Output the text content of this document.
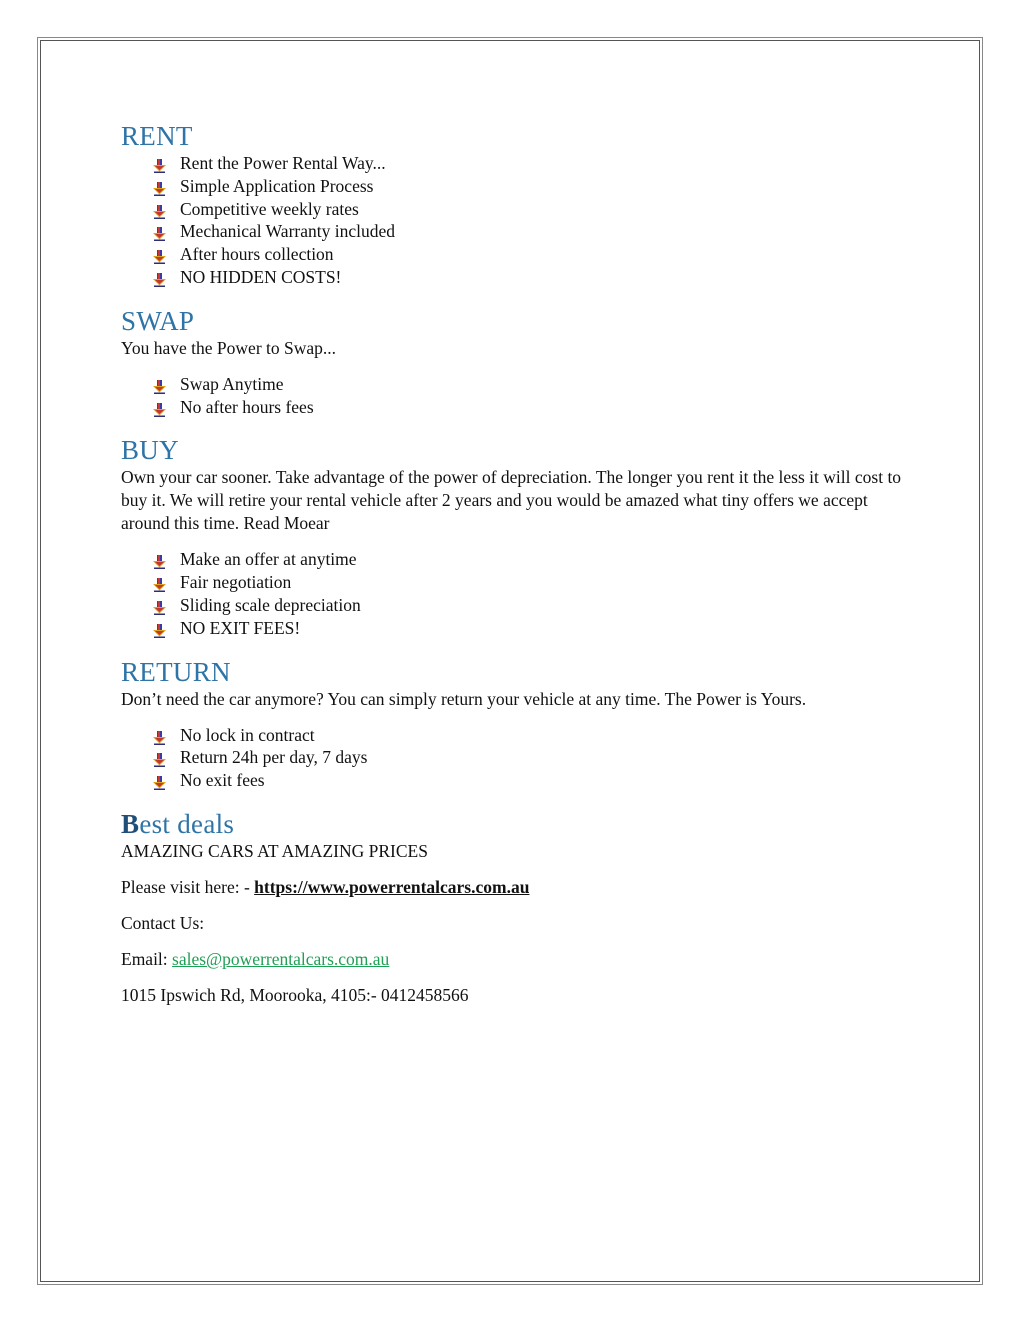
RENT
Rent the Power Rental Way...
Simple Application Process
Competitive weekly rates
Mechanical Warranty included
After hours collection
NO HIDDEN COSTS!
SWAP

You have the Power to Swap...

Swap Anytime
No after hours fees
BUY

Own your car sooner. Take advantage of the power of depreciation. The longer you rent it the less it will cost to buy it. We will retire your rental vehicle after 2 years and you would be amazed what tiny offers we accept around this time. Read Moear

Make an offer at anytime
Fair negotiation
Sliding scale depreciation
NO EXIT FEES!
RETURN

Don’t need the car anymore? You can simply return your vehicle at any time. The Power is Yours.

No lock in contract
Return 24h per day, 7 days
No exit fees
Best deals

AMAZING CARS AT AMAZING PRICES

Please visit here: - https://www.powerrentalcars.com.au

Contact Us:

Email: sales@powerrentalcars.com.au

1015 Ipswich Rd, Moorooka, 4105:- 0412458566
